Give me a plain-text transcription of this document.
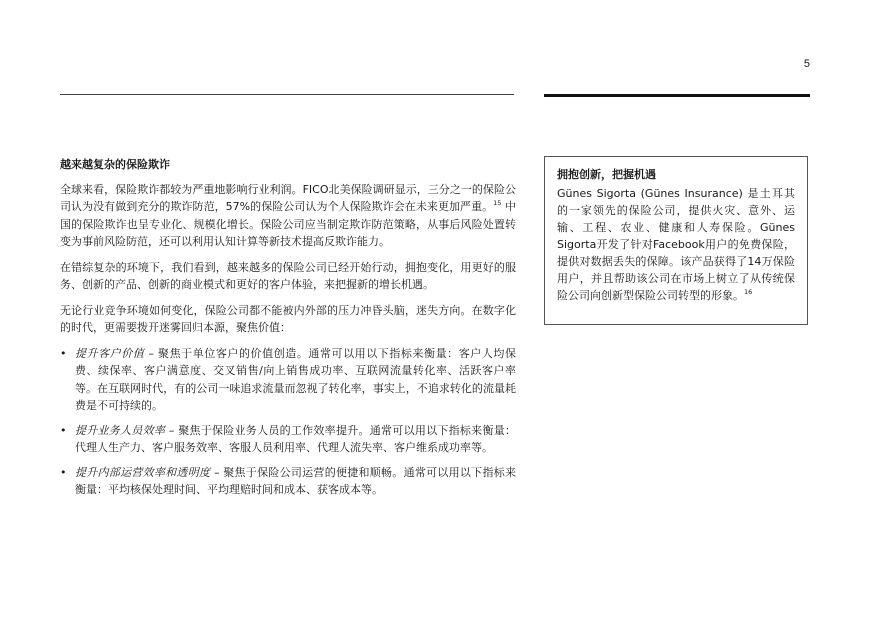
5
越来越复杂的保险欺诈

全球来看，保险欺诈都较为严重地影响行业利润。FICO北美保险调研显示，三分之一的保险公司认为没有做到充分的欺诈防范，57%的保险公司认为个人保险欺诈会在未来更加严重。$^{15}$ 中国的保险欺诈也呈专业化、规模化增长。保险公司应当制定欺诈防范策略，从事后风险处置转变为事前风险防范，还可以利用认知计算等新技术提高反欺诈能力。

在错综复杂的环境下，我们看到，越来越多的保险公司已经开始行动，拥抱变化，用更好的服务、创新的产品、创新的商业模式和更好的客户体验，来把握新的增长机遇。

无论行业竞争环境如何变化，保险公司都不能被内外部的压力冲昏头脑，迷失方向。在数字化的时代，更需要拨开迷雾回归本源，聚焦价值：

• 提升客户价值 – 聚焦于单位客户的价值创造。通常可以用以下指标来衡量：客户人均保费、续保率、客户满意度、交叉销售/向上销售成功率、互联网流量转化率、活跃客户率等。在互联网时代，有的公司一味追求流量而忽视了转化率，事实上，不追求转化的流量耗费是不可持续的。
• 提升业务人员效率 – 聚焦于保险业务人员的工作效率提升。通常可以用以下指标来衡量：代理人生产力、客户服务效率、客服人员利用率、代理人流失率、客户维系成功率等。
• 提升内部运营效率和透明度 – 聚焦于保险公司运营的便捷和顺畅。通常可以用以下指标来衡量：平均核保处理时间、平均理赔时间和成本、获客成本等。
拥抱创新，把握机遇

Günes Sigorta (Günes Insurance) 是土耳其的一家领先的保险公司，提供火灾、意外、运输、工程、农业、健康和人寿保险。Günes Sigorta开发了针对Facebook用户的免费保险，提供对数据丢失的保障。该产品获得了14万保险用户，并且帮助该公司在市场上树立了从传统保险公司向创新型保险公司转型的形象。$^{16}$
